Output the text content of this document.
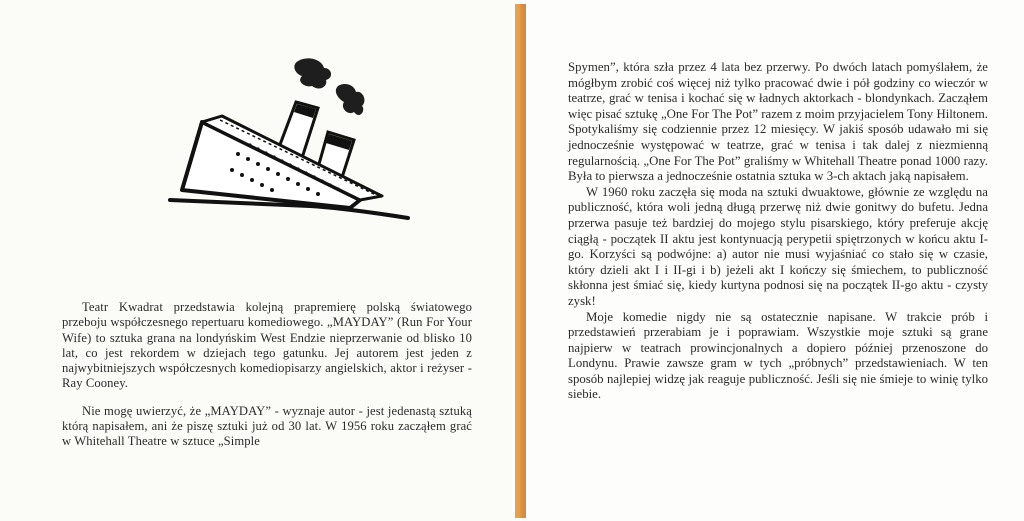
Teatr Kwadrat przedstawia kolejną prapremierę polską światowego przeboju współczesnego repertuaru komediowego. „MAYDAY” (Run For Your Wife) to sztuka grana na londyńskim West Endzie nieprzerwanie od blisko 10 lat, co jest rekordem w dziejach tego gatunku. Jej autorem jest jeden z najwybitniejszych współczesnych komediopisarzy angielskich, aktor i reżyser - Ray Cooney.

Nie mogę uwierzyć, że „MAYDAY” - wyznaje autor - jest jedenastą sztuką którą napisałem, ani że piszę sztuki już od 30 lat. W 1956 roku zacząłem grać w Whitehall Theatre w sztuce „Simple

Spymen”, która szła przez 4 lata bez przerwy. Po dwóch latach pomyślałem, że mógłbym zrobić coś więcej niż tylko pracować dwie i pół godziny co wieczór w teatrze, grać w tenisa i kochać się w ładnych aktorkach - blondynkach. Zacząłem więc pisać sztukę „One For The Pot” razem z moim przyjacielem Tony Hiltonem. Spotykaliśmy się codziennie przez 12 miesięcy. W jakiś sposób udawało mi się jednocześnie występować w teatrze, grać w tenisa i tak dalej z niezmienną regularnością. „One For The Pot” graliśmy w Whitehall Theatre ponad 1000 razy. Była to pierwsza a jednocześnie ostatnia sztuka w 3-ch aktach jaką napisałem.

W 1960 roku zaczęła się moda na sztuki dwuaktowe, głównie ze względu na publiczność, która woli jedną długą przerwę niż dwie gonitwy do bufetu. Jedna przerwa pasuje też bardziej do mojego stylu pisarskiego, który preferuje akcję ciągłą - początek II aktu jest kontynuacją perypetii spiętrzonych w końcu aktu I-go. Korzyści są podwójne: a) autor nie musi wyjaśniać co stało się w czasie, który dzieli akt I i II-gi i b) jeżeli akt I kończy się śmiechem, to publiczność skłonna jest śmiać się, kiedy kurtyna podnosi się na początek II-go aktu - czysty zysk!

Moje komedie nigdy nie są ostatecznie napisane. W trakcie prób i przedstawień przerabiam je i poprawiam. Wszystkie moje sztuki są grane najpierw w teatrach prowincjonalnych a dopiero później przenoszone do Londynu. Prawie zawsze gram w tych „próbnych” przedstawieniach. W ten sposób najlepiej widzę jak reaguje publiczność. Jeśli się nie śmieje to winię tylko siebie.
